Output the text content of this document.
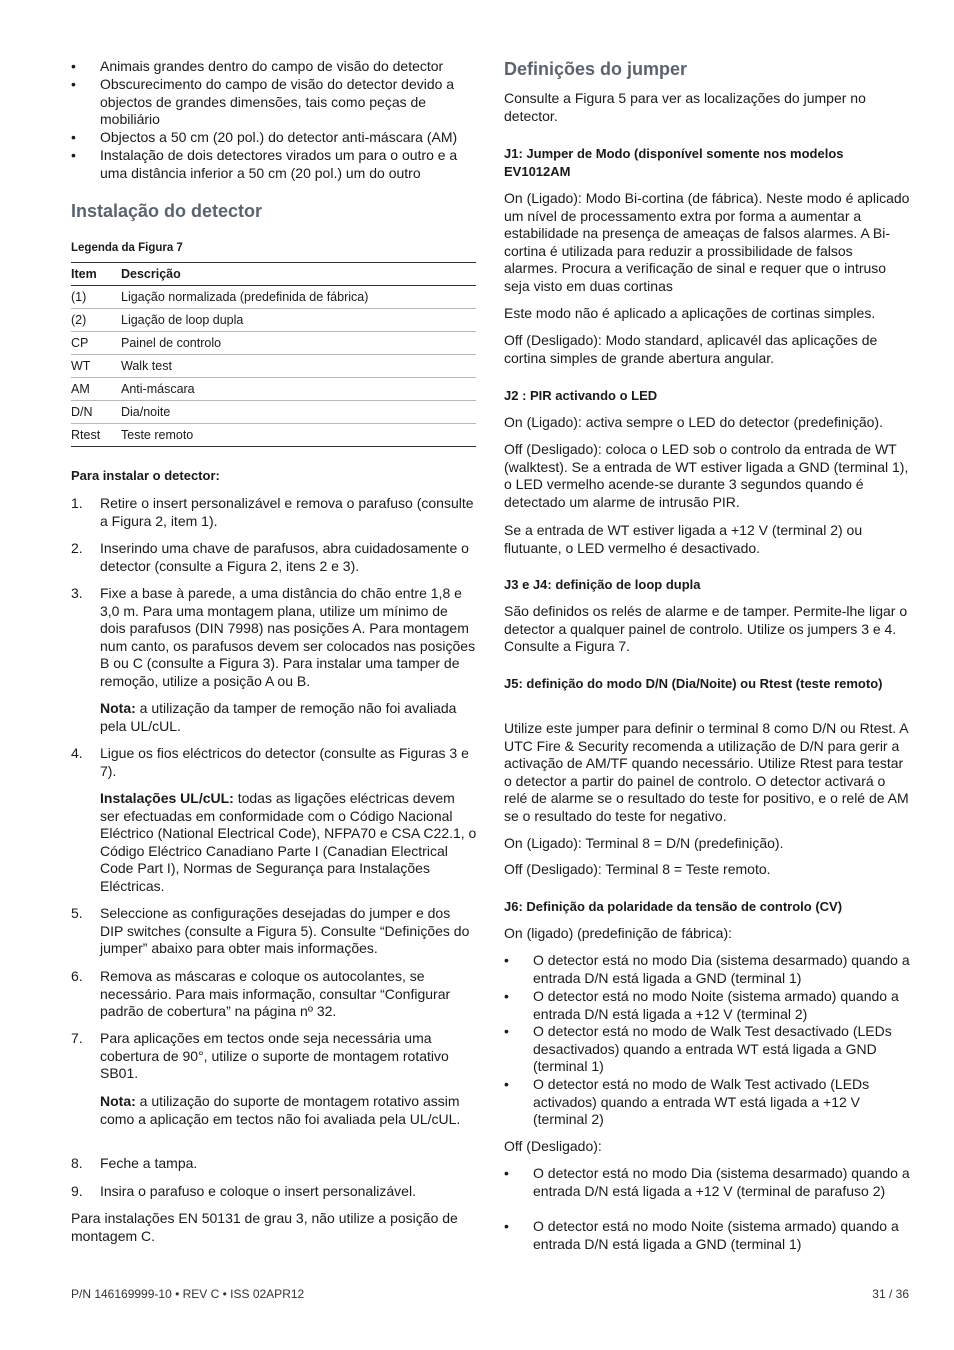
• Animais grandes dentro do campo de visão do detector
• Obscurecimento do campo de visão do detector devido a objectos de grandes dimensões, tais como peças de mobiliário
• Objectos a 50 cm (20 pol.) do detector anti-máscara (AM)
• Instalação de dois detectores virados um para o outro e a uma distância inferior a 50 cm (20 pol.) um do outro
Instalação do detector
Legenda da Figura 7
Item	Descrição
(1)	Ligação normalizada (predefinida de fábrica)
(2)	Ligação de loop dupla
CP	Painel de controlo
WT	Walk test
AM	Anti-máscara
D/N	Dia/noite
Rtest	Teste remoto
Para instalar o detector:
1. Retire o insert personalizável e remova o parafuso (consulte a Figura 2, item 1).
2. Inserindo uma chave de parafusos, abra cuidadosamente o detector (consulte a Figura 2, itens 2 e 3).
3. Fixe a base à parede, a uma distância do chão entre 1,8 e 3,0 m. Para uma montagem plana, utilize um mínimo de dois parafusos (DIN 7998) nas posições A. Para montagem num canto, os parafusos devem ser colocados nas posições B ou C (consulte a Figura 3). Para instalar uma tamper de remoção, utilize a posição A ou B.
Nota: a utilização da tamper de remoção não foi avaliada pela UL/cUL.
4. Ligue os fios eléctricos do detector (consulte as Figuras 3 e 7).
Instalações UL/cUL: todas as ligações eléctricas devem ser efectuadas em conformidade com o Código Nacional Eléctrico (National Electrical Code), NFPA70 e CSA C22.1, o Código Eléctrico Canadiano Parte I (Canadian Electrical Code Part I), Normas de Segurança para Instalações Eléctricas.
5. Seleccione as configurações desejadas do jumper e dos DIP switches (consulte a Figura 5). Consulte “Definições do jumper” abaixo para obter mais informações.
6. Remova as máscaras e coloque os autocolantes, se necessário. Para mais informação, consultar “Configurar padrão de cobertura” na página nº 32.
7. Para aplicações em tectos onde seja necessária uma cobertura de 90°, utilize o suporte de montagem rotativo SB01.
Nota: a utilização do suporte de montagem rotativo assim como a aplicação em tectos não foi avaliada pela UL/cUL.
8. Feche a tampa.
9. Insira o parafuso e coloque o insert personalizável.
Para instalações EN 50131 de grau 3, não utilize a posição de montagem C.
Definições do jumper
Consulte a Figura 5 para ver as localizações do jumper no detector.
J1: Jumper de Modo (disponível somente nos modelos EV1012AM
On (Ligado): Modo Bi-cortina (de fábrica). Neste modo é aplicado um nível de processamento extra por forma a aumentar a estabilidade na presença de ameaças de falsos alarmes. A Bi-cortina é utilizada para reduzir a prossibilidade de falsos alarmes. Procura a verificação de sinal e requer que o intruso seja visto em duas cortinas
Este modo não é aplicado a aplicações de cortinas simples.
Off (Desligado): Modo standard, aplicavél das aplicações de cortina simples de grande abertura angular.
J2 : PIR activando o LED
On (Ligado): activa sempre o LED do detector (predefinição).
Off (Desligado): coloca o LED sob o controlo da entrada de WT (walktest). Se a entrada de WT estiver ligada a GND (terminal 1), o LED vermelho acende-se durante 3 segundos quando é detectado um alarme de intrusão PIR.
Se a entrada de WT estiver ligada a +12 V (terminal 2) ou flutuante, o LED vermelho é desactivado.
J3 e J4: definição de loop dupla
São definidos os relés de alarme e de tamper. Permite-lhe ligar o detector a qualquer painel de controlo. Utilize os jumpers 3 e 4. Consulte a Figura 7.
J5: definição do modo D/N (Dia/Noite) ou Rtest (teste remoto)
Utilize este jumper para definir o terminal 8 como D/N ou Rtest. A UTC Fire & Security recomenda a utilização de D/N para gerir a activação de AM/TF quando necessário. Utilize Rtest para testar o detector a partir do painel de controlo. O detector activará o relé de alarme se o resultado do teste for positivo, e o relé de AM se o resultado do teste for negativo.
On (Ligado): Terminal 8 = D/N (predefinição).
Off (Desligado): Terminal 8 = Teste remoto.
J6: Definição da polaridade da tensão de controlo (CV)
On (ligado) (predefinição de fábrica):
• O detector está no modo Dia (sistema desarmado) quando a entrada D/N está ligada a GND (terminal 1)
• O detector está no modo Noite (sistema armado) quando a entrada D/N está ligada a +12 V (terminal 2)
• O detector está no modo de Walk Test desactivado (LEDs desactivados) quando a entrada WT está ligada a GND (terminal 1)
• O detector está no modo de Walk Test activado (LEDs activados) quando a entrada WT está ligada a +12 V (terminal 2)
Off (Desligado):
• O detector está no modo Dia (sistema desarmado) quando a entrada D/N está ligada a +12 V (terminal de parafuso 2)
• O detector está no modo Noite (sistema armado) quando a entrada D/N está ligada a GND (terminal 1)
P/N 146169999-10 • REV C • ISS 02APR12	31 / 36
